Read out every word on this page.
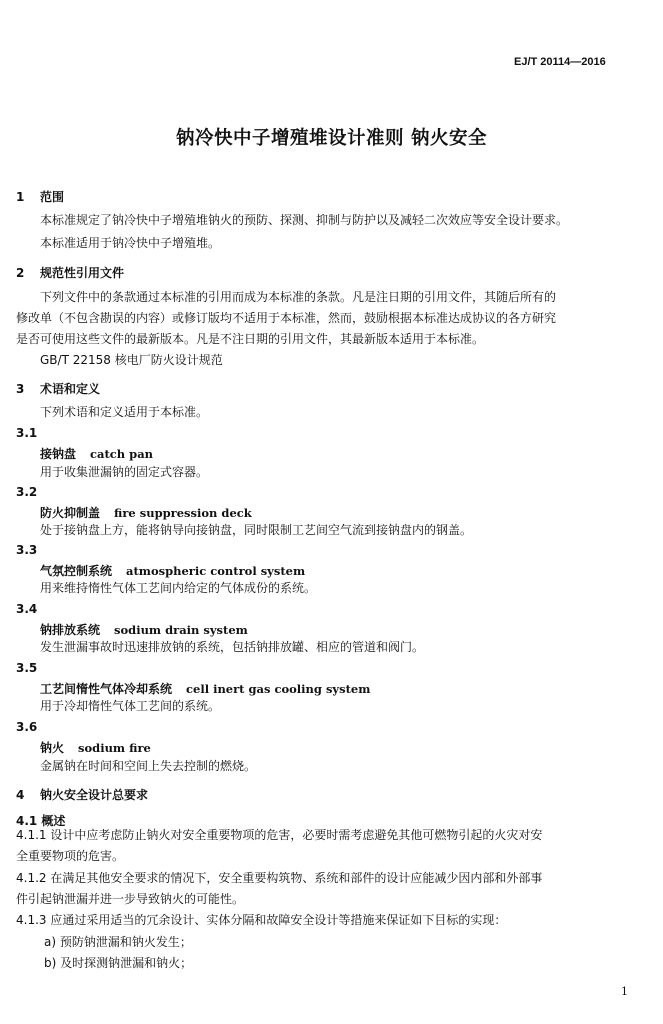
EJ/T 20114—2016
钠冷快中子增殖堆设计准则 钠火安全
1 范围
本标准规定了钠冷快中子增殖堆钠火的预防、探测、抑制与防护以及减轻二次效应等安全设计要求。
本标准适用于钠冷快中子增殖堆。
2 规范性引用文件
下列文件中的条款通过本标准的引用而成为本标准的条款。凡是注日期的引用文件，其随后所有的
修改单（不包含勘误的内容）或修订版均不适用于本标准，然而，鼓励根据本标准达成协议的各方研究
是否可使用这些文件的最新版本。凡是不注日期的引用文件，其最新版本适用于本标准。
GB/T 22158 核电厂防火设计规范
3 术语和定义
下列术语和定义适用于本标准。
3.1
接钠盘 catch pan
用于收集泄漏钠的固定式容器。
3.2
防火抑制盖 fire suppression deck
处于接钠盘上方，能将钠导向接钠盘，同时限制工艺间空气流到接钠盘内的钢盖。
3.3
气氛控制系统 atmospheric control system
用来维持惰性气体工艺间内给定的气体成份的系统。
3.4
钠排放系统 sodium drain system
发生泄漏事故时迅速排放钠的系统，包括钠排放罐、相应的管道和阀门。
3.5
工艺间惰性气体冷却系统 cell inert gas cooling system
用于冷却惰性气体工艺间的系统。
3.6
钠火 sodium fire
金属钠在时间和空间上失去控制的燃烧。
4 钠火安全设计总要求
4.1 概述
4.1.1 设计中应考虑防止钠火对安全重要物项的危害，必要时需考虑避免其他可燃物引起的火灾对安
全重要物项的危害。
4.1.2 在满足其他安全要求的情况下，安全重要构筑物、系统和部件的设计应能减少因内部和外部事
件引起钠泄漏并进一步导致钠火的可能性。
4.1.3 应通过采用适当的冗余设计、实体分隔和故障安全设计等措施来保证如下目标的实现：
a) 预防钠泄漏和钠火发生；
b) 及时探测钠泄漏和钠火；
1
